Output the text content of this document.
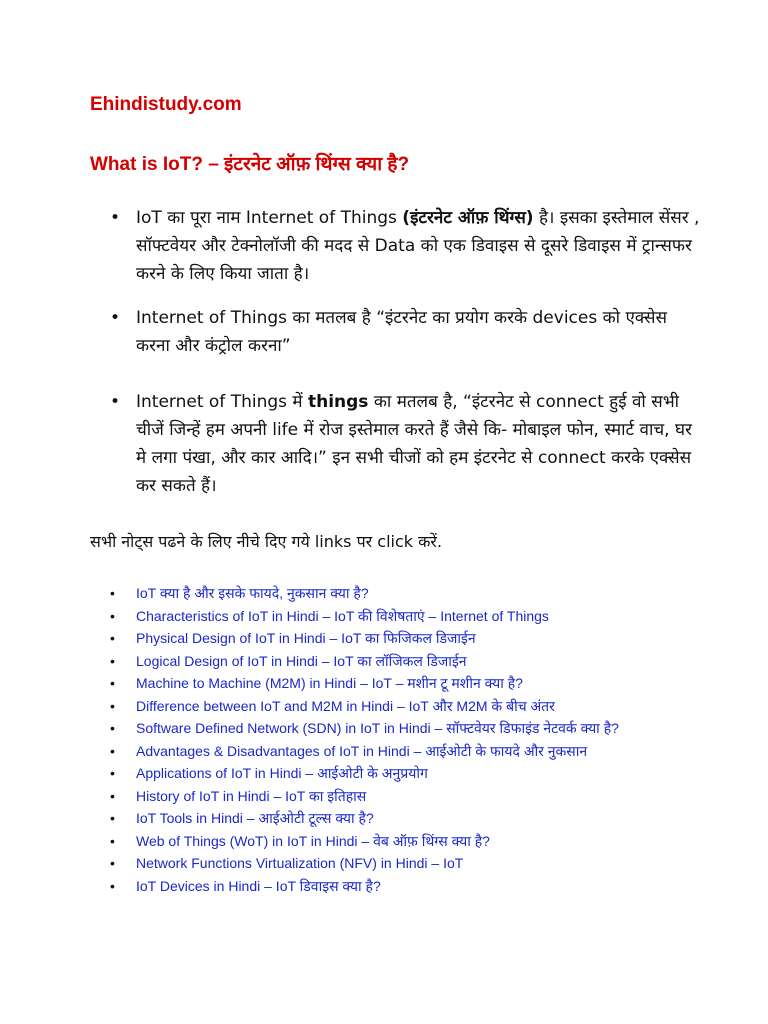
Ehindistudy.com
What is IoT? – इंटरनेट ऑफ़ थिंग्स क्या है?
• IoT का पूरा नाम Internet of Things (इंटरनेट ऑफ़ थिंग्स) है। इसका इस्तेमाल सेंसर , सॉफ्टवेयर और टेक्नोलॉजी की मदद से Data को एक डिवाइस से दूसरे डिवाइस में ट्रान्सफर करने के लिए किया जाता है।
• Internet of Things का मतलब है “इंटरनेट का प्रयोग करके devices को एक्सेस करना और कंट्रोल करना”
• Internet of Things में things का मतलब है, “इंटरनेट से connect हुई वो सभी चीजें जिन्हें हम अपनी life में रोज इस्तेमाल करते हैं जैसे कि- मोबाइल फोन, स्मार्ट वाच, घर मे लगा पंखा, और कार आदि।” इन सभी चीजों को हम इंटरनेट से connect करके एक्सेस कर सकते हैं।
सभी नोट्स पढने के लिए नीचे दिए गये links पर click करें.
• IoT क्या है और इसके फायदे, नुकसान क्या है?
• Characteristics of IoT in Hindi – IoT की विशेषताएं – Internet of Things
• Physical Design of IoT in Hindi – IoT का फिजिकल डिजाईन
• Logical Design of IoT in Hindi – IoT का लॉजिकल डिजाईन
• Machine to Machine (M2M) in Hindi – IoT – मशीन टू मशीन क्या है?
• Difference between IoT and M2M in Hindi – IoT और M2M के बीच अंतर
• Software Defined Network (SDN) in IoT in Hindi – सॉफ्टवेयर डिफाइंड नेटवर्क क्या है?
• Advantages & Disadvantages of IoT in Hindi – आईओटी के फायदे और नुकसान
• Applications of IoT in Hindi – आईओटी के अनुप्रयोग
• History of IoT in Hindi – IoT का इतिहास
• IoT Tools in Hindi – आईओटी टूल्स क्या है?
• Web of Things (WoT) in IoT in Hindi – वेब ऑफ़ थिंग्स क्या है?
• Network Functions Virtualization (NFV) in Hindi – IoT
• IoT Devices in Hindi – IoT डिवाइस क्या है?
